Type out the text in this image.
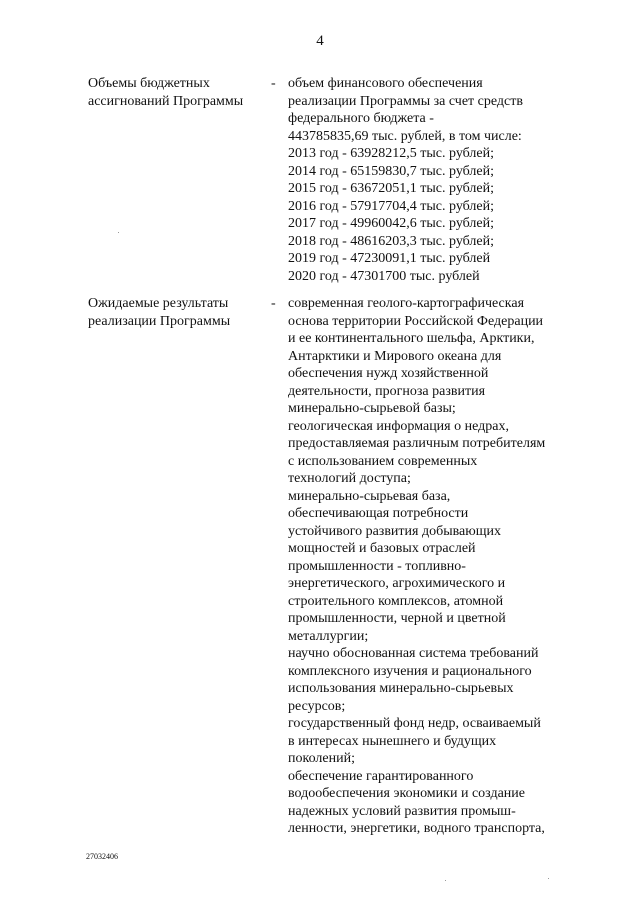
4
Объемы бюджетных
ассигнований Программы
- объем финансового обеспечения
реализации Программы за счет средств
федерального бюджета -
443785835,69 тыс. рублей, в том числе:
2013 год - 63928212,5 тыс. рублей;
2014 год - 65159830,7 тыс. рублей;
2015 год - 63672051,1 тыс. рублей;
2016 год - 57917704,4 тыс. рублей;
2017 год - 49960042,6 тыс. рублей;
2018 год - 48616203,3 тыс. рублей;
2019 год - 47230091,1 тыс. рублей
2020 год - 47301700 тыс. рублей
Ожидаемые результаты
реализации Программы
- современная геолого-картографическая
основа территории Российской Федерации
и ее континентального шельфа, Арктики,
Антарктики и Мирового океана для
обеспечения нужд хозяйственной
деятельности, прогноза развития
минерально-сырьевой базы;
геологическая информация о недрах,
предоставляемая различным потребителям
с использованием современных
технологий доступа;
минерально-сырьевая база,
обеспечивающая потребности
устойчивого развития добывающих
мощностей и базовых отраслей
промышленности - топливно-
энергетического, агрохимического и
строительного комплексов, атомной
промышленности, черной и цветной
металлургии;
научно обоснованная система требований
комплексного изучения и рационального
использования минерально-сырьевых
ресурсов;
государственный фонд недр, осваиваемый
в интересах нынешнего и будущих
поколений;
обеспечение гарантированного
водообеспечения экономики и создание
надежных условий развития промыш-
ленности, энергетики, водного транспорта,
27032406
